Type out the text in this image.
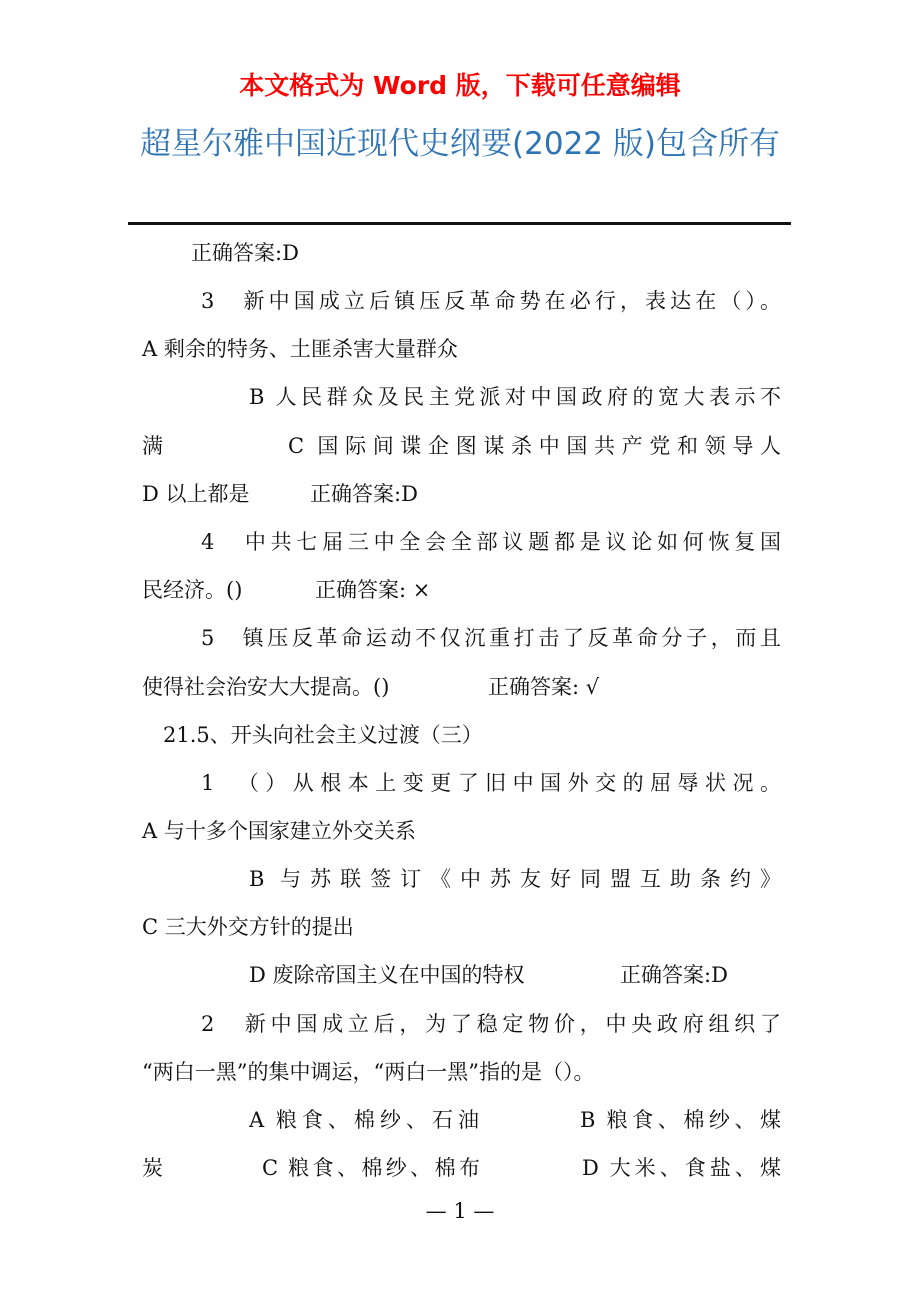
本文格式为 Word 版，下载可任意编辑
超星尔雅中国近现代史纲要(2022 版)包含所有
正确答案:D
3　新中国成立后镇压反革命势在必行，表达在（）。
A 剩余的特务、土匪杀害大量群众
B 人民群众及民主党派对中国政府的宽大表示不
满	C 国际间谍企图谋杀中国共产党和领导人
D 以上都是	正确答案:D
4　中共七届三中全会全部议题都是议论如何恢复国
民经济。()	正确答案: ×
5　镇压反革命运动不仅沉重打击了反革命分子，而且
使得社会治安大大提高。()	正确答案: √
21.5、开头向社会主义过渡（三）
1　（）从根本上变更了旧中国外交的屈辱状况。
A 与十多个国家建立外交关系
B 与苏联签订《中苏友好同盟互助条约》
C 三大外交方针的提出
D 废除帝国主义在中国的特权	正确答案:D
2　新中国成立后，为了稳定物价，中央政府组织了
“两白一黑”的集中调运，“两白一黑”指的是（）。
A 粮食、棉纱、石油	B 粮食、棉纱、煤
炭	C 粮食、棉纱、棉布	D 大米、食盐、煤
— 1 —
